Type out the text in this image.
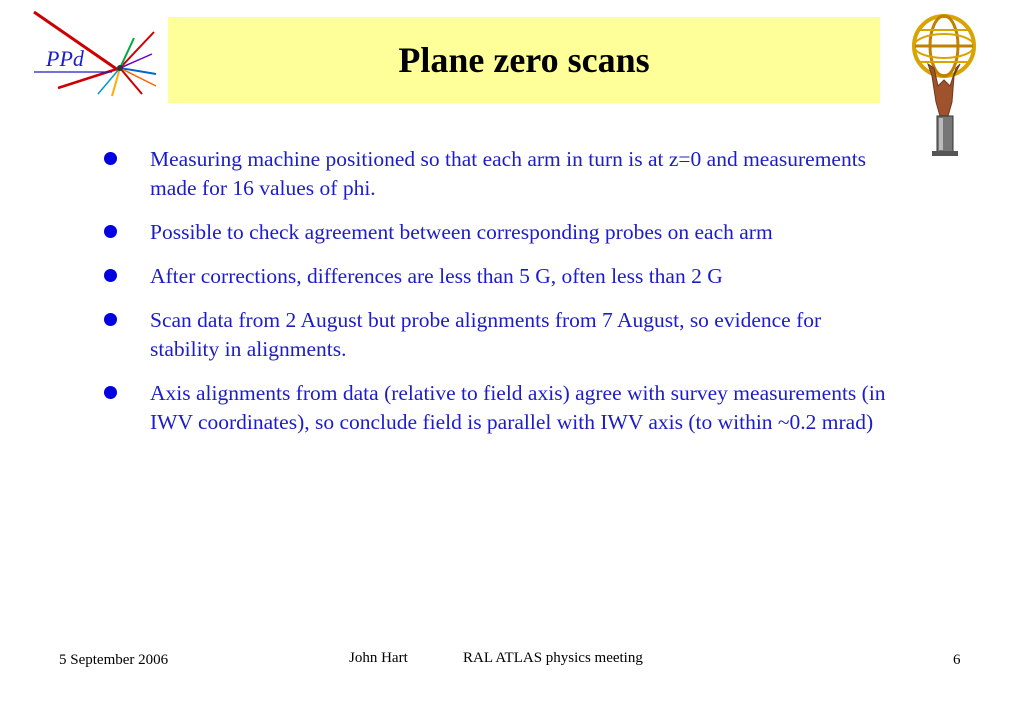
PPd	Plane zero scans
Measuring machine positioned so that each arm in turn is at z=0 and measurements made for 16 values of phi.
Possible to check agreement between corresponding probes on each arm
After corrections, differences are less than 5 G, often less than 2 G
Scan data from 2 August but probe alignments from 7 August, so evidence for stability in alignments.
Axis alignments from data (relative to field axis) agree with survey measurements (in IWV coordinates), so conclude field is parallel with IWV axis (to within ~0.2 mrad)
5 September 2006	John Hart	RAL ATLAS physics meeting	6
